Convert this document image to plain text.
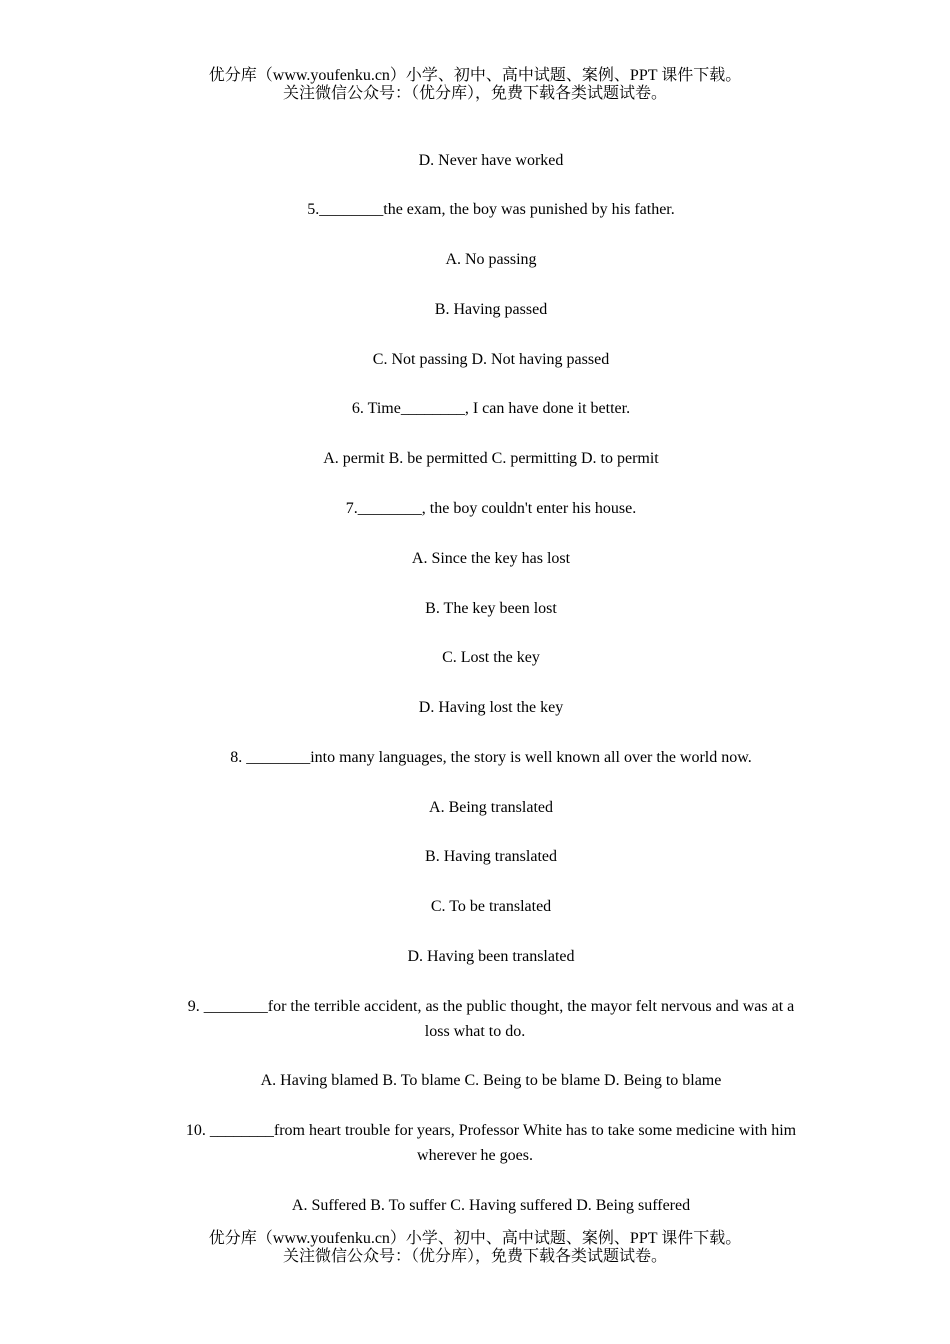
优分库（www.youfenku.cn）小学、初中、高中试题、案例、PPT 课件下载。
关注微信公众号：（优分库），免费下载各类试题试卷。
D. Never have worked
5.________the exam, the boy was punished by his father.
A. No passing
B. Having passed
C. Not passing D. Not having passed
6. Time________, I can have done it better.
A. permit B. be permitted C. permitting D. to permit
7.________, the boy couldn't enter his house.
A. Since the key has lost
B. The key been lost
C. Lost the key
D. Having lost the key
8. ________into many languages, the story is well known all over the world now.
A. Being translated
B. Having translated
C. To be translated
D. Having been translated
9. ________for the terrible accident, as the public thought, the mayor felt nervous and was at a
loss what to do.
A. Having blamed B. To blame C. Being to be blame D. Being to blame
10. ________from heart trouble for years, Professor White has to take some medicine with him
wherever he goes.
A. Suffered B. To suffer C. Having suffered D. Being suffered
优分库（www.youfenku.cn）小学、初中、高中试题、案例、PPT 课件下载。
关注微信公众号：（优分库），免费下载各类试题试卷。
